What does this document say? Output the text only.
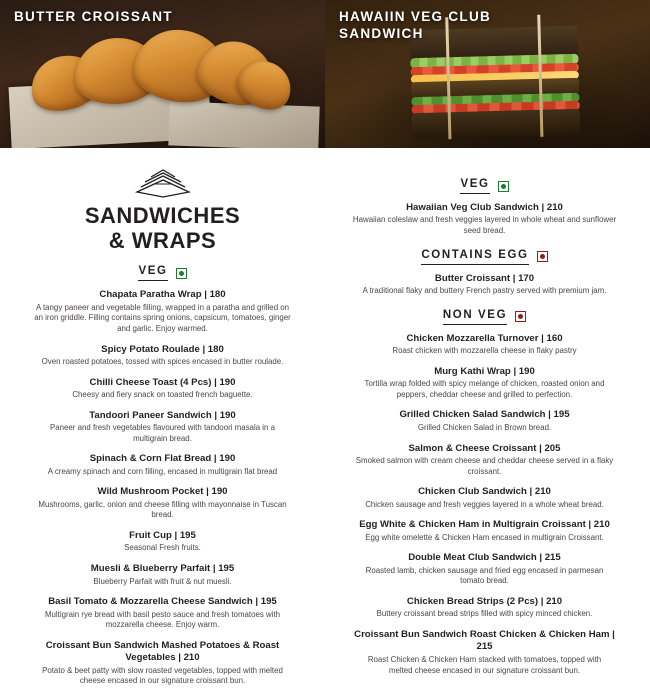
BUTTER CROISSANT	HAWAIIN VEG CLUB SANDWICH
SANDWICHES
& WRAPS
VEG
Chapata Paratha Wrap | 180
A tangy paneer and vegetable filling, wrapped in a paratha and grilled on an iron griddle. Filling contains spring onions, capsicum, tomatoes, ginger and garlic. Enjoy warmed.
Spicy Potato Roulade | 180
Oven roasted potatoes, tossed with spices encased in butter roulade.
Chilli Cheese Toast (4 Pcs) | 190
Cheesy and fiery snack on toasted french baguette.
Tandoori Paneer Sandwich | 190
Paneer and fresh vegetables flavoured with tandoori masala in a multigrain bread.
Spinach & Corn Flat Bread | 190
A creamy spinach and corn filling, encased in multigrain flat bread
Wild Mushroom Pocket | 190
Mushrooms, garlic, onion and cheese filling with mayonnaise in Tuscan bread.
Fruit Cup | 195
Seasonal Fresh fruits.
Muesli & Blueberry Parfait | 195
Blueberry Parfait with fruit & nut muesli.
Basil Tomato & Mozzarella Cheese Sandwich | 195
Multigrain rye bread with basil pesto sauce and fresh tomatoes with mozzarella cheese. Enjoy warm.
Croissant Bun Sandwich Mashed Potatoes & Roast Vegetables | 210
Potato & beet patty with slow roasted vegetables, topped with melted cheese encased in our signature croissant bun.
VEG
Hawaiian Veg Club Sandwich | 210
Hawaiian coleslaw and fresh veggies layered in whole wheat and sunflower seed bread.
CONTAINS EGG
Butter Croissant | 170
A traditional flaky and buttery French pastry served with premium jam.
NON VEG
Chicken Mozzarella Turnover | 160
Roast chicken with mozzarella cheese in flaky pastry
Murg Kathi Wrap | 190
Tortilla wrap folded with spicy melange of chicken, roasted onion and peppers, cheddar cheese and grilled to perfection.
Grilled Chicken Salad Sandwich | 195
Grilled Chicken Salad in Brown bread.
Salmon & Cheese Croissant | 205
Smoked salmon with cream cheese and cheddar cheese served in a flaky croissant.
Chicken Club Sandwich | 210
Chicken sausage and fresh veggies layered in a whole wheat bread.
Egg White & Chicken Ham in Multigrain Croissant | 210
Egg white omelette & Chicken Ham encased in multigrain Croissant.
Double Meat Club Sandwich | 215
Roasted lamb, chicken sausage and fried egg encased in parmesan tomato bread.
Chicken Bread Strips (2 Pcs) | 210
Buttery croissant bread strips filled with spicy minced chicken.
Croissant Bun Sandwich Roast Chicken & Chicken Ham | 215
Roast Chicken & Chicken Ham stacked with tomatoes, topped with melted cheese encased in our signature croissant bun.
